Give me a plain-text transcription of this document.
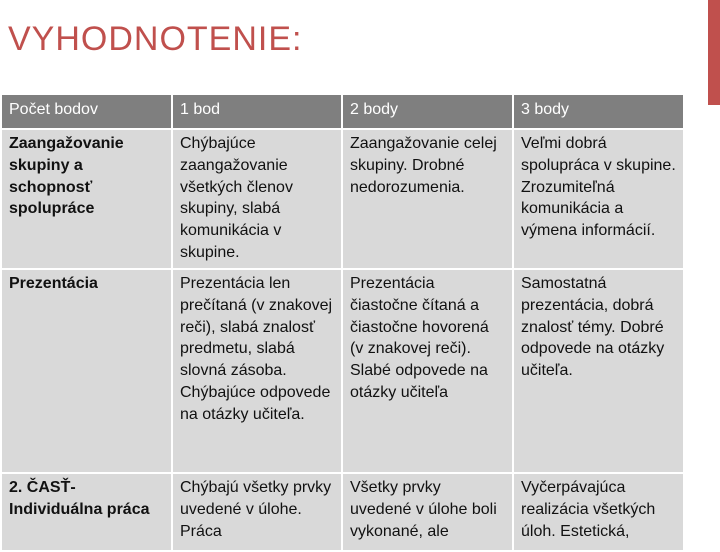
VYHODNOTENIE:
Počet bodov	1 bod	2 body	3 body
Zaangažovanie skupiny a schopnosť spolupráce	Chýbajúce zaangažovanie všetkých členov skupiny, slabá komunikácia v skupine.	Zaangažovanie celej skupiny. Drobné nedorozumenia.	Veľmi dobrá spolupráca v skupine. Zrozumiteľná komunikácia a výmena informácií.
Prezentácia	Prezentácia len prečítaná (v znakovej reči), slabá znalosť predmetu, slabá slovná zásoba. Chýbajúce odpovede na otázky učiteľa.	Prezentácia čiastočne čítaná a čiastočne hovorená (v znakovej reči). Slabé odpovede na otázky učiteľa	Samostatná prezentácia, dobrá znalosť témy. Dobré odpovede na otázky učiteľa.
2. ČASŤ- Individuálna práca	Chýbajú všetky prvky uvedené v úlohe. Práca	Všetky prvky uvedené v úlohe boli vykonané, ale	Vyčerpávajúca realizácia všetkých úloh. Estetická,
